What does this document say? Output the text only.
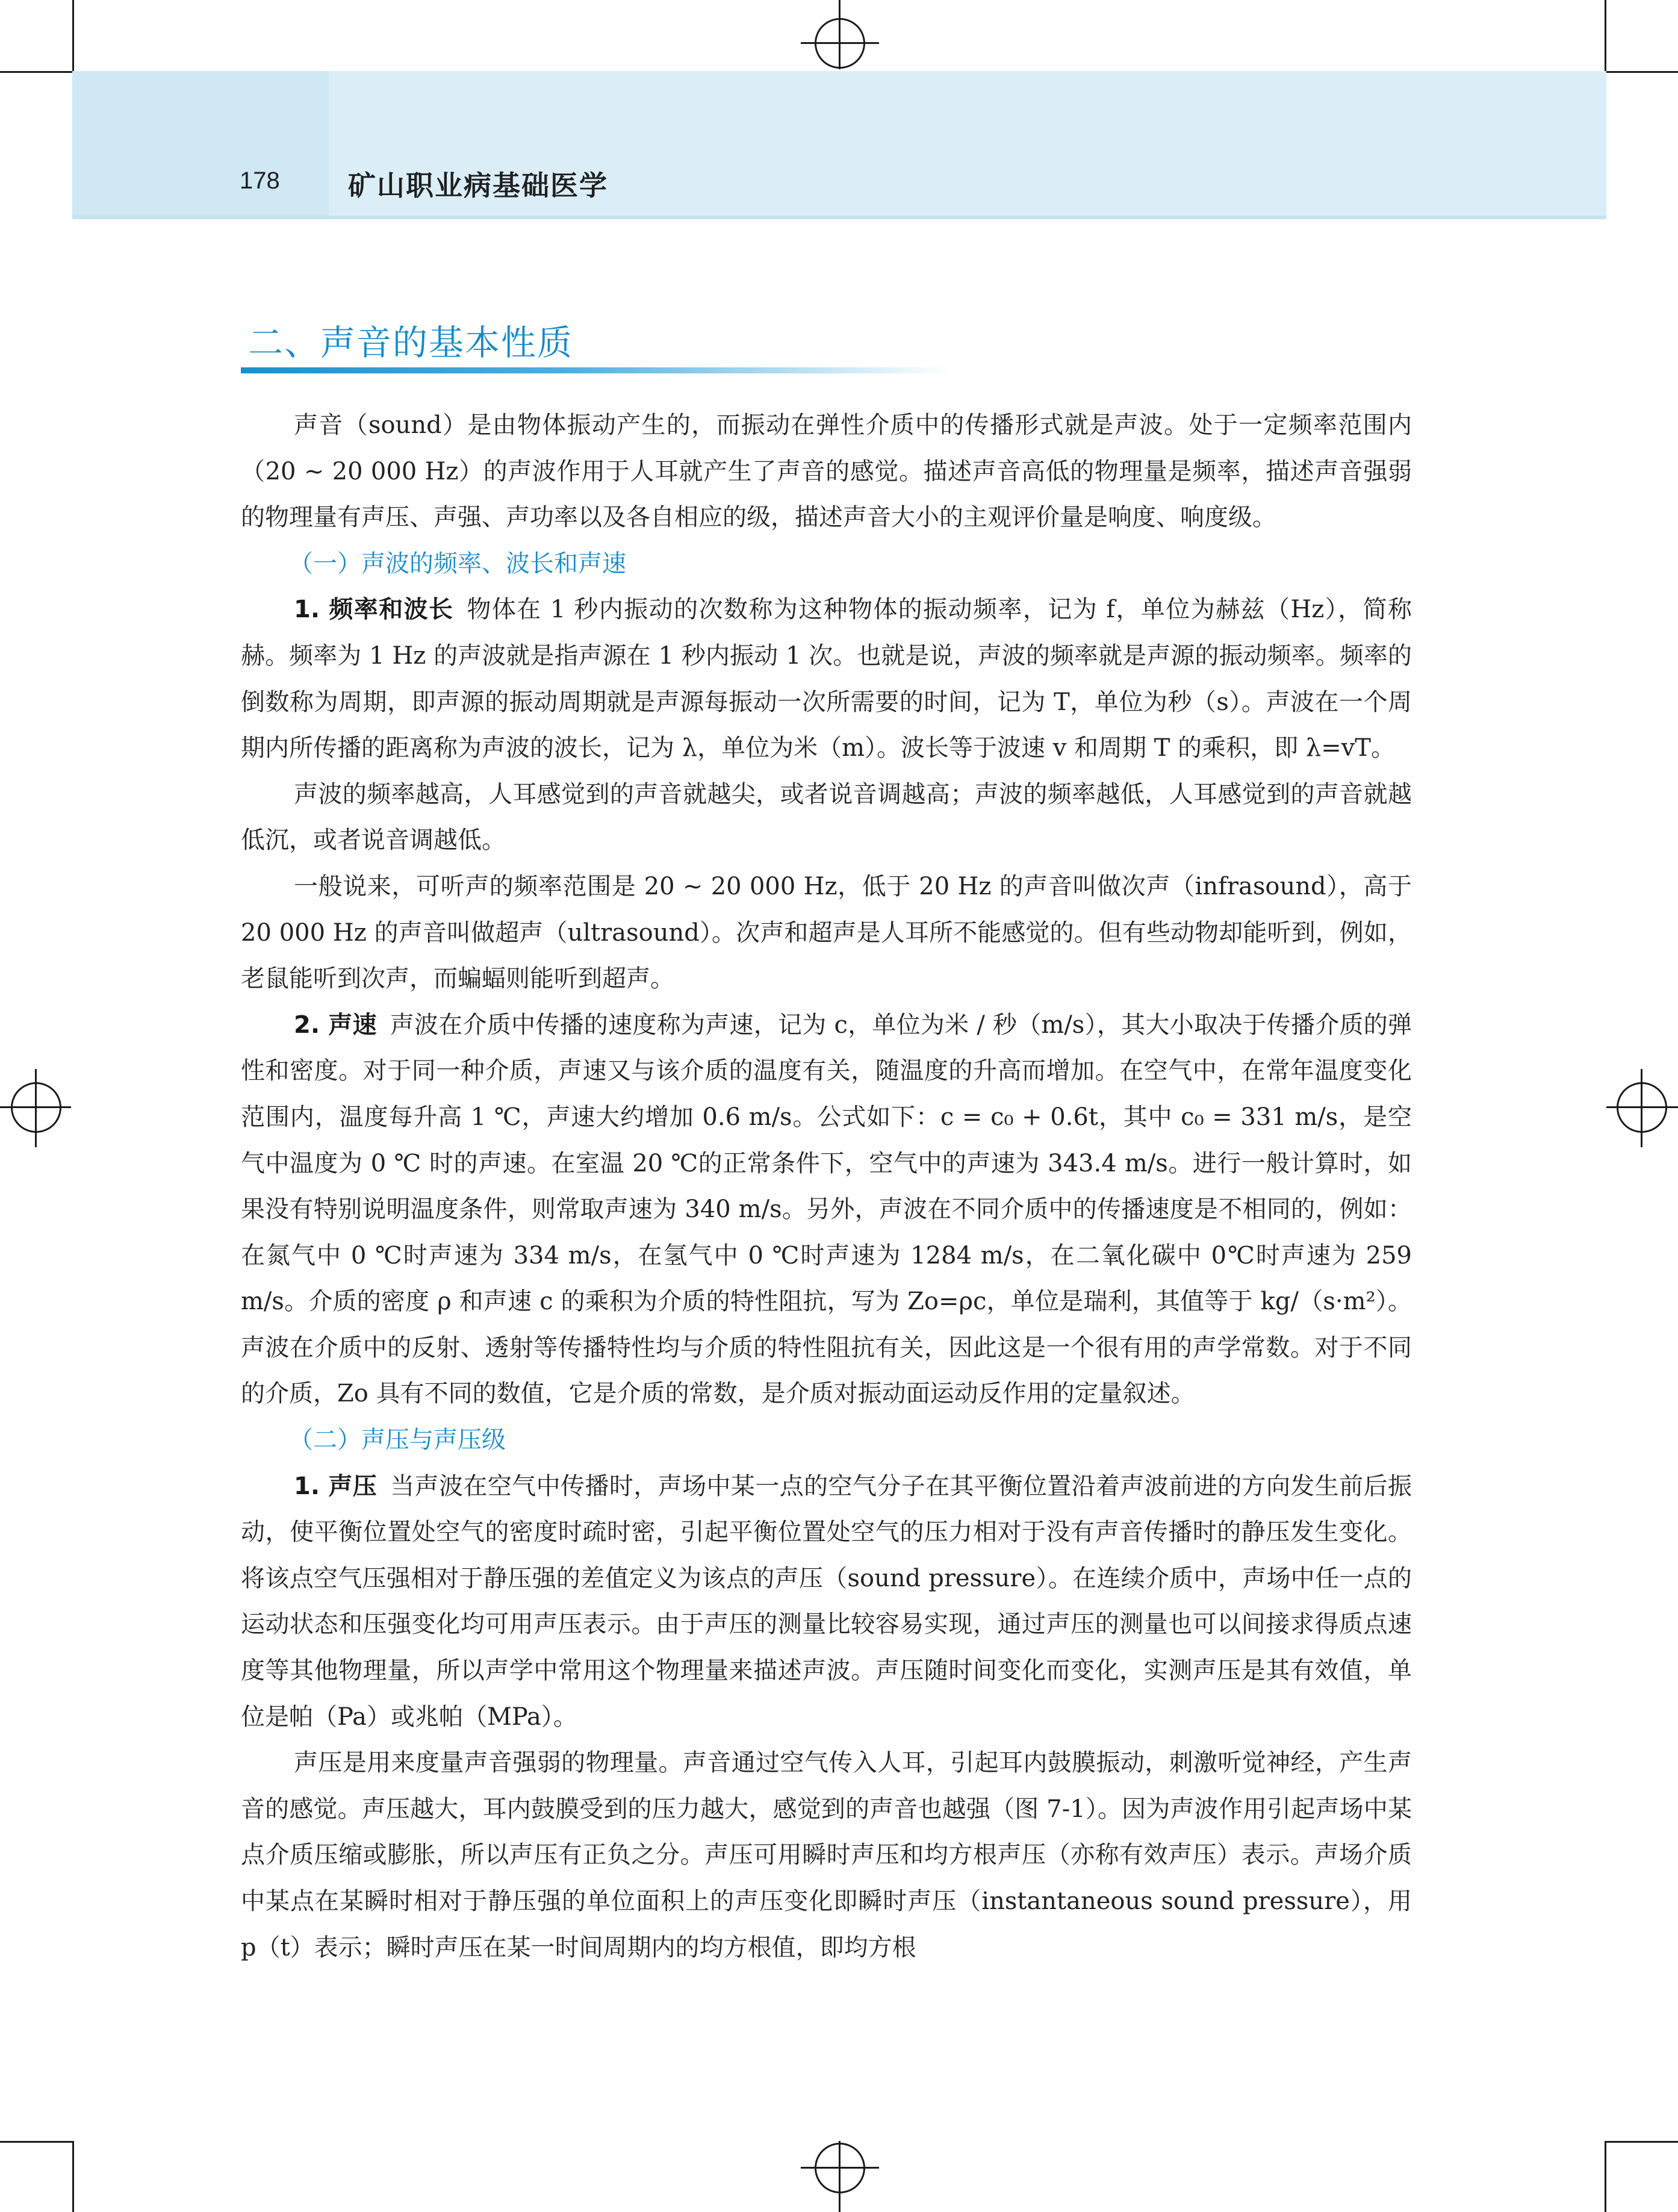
178 矿山职业病基础医学
二、声音的基本性质

声音（sound）是由物体振动产生的，而振动在弹性介质中的传播形式就是声波。处于一定频率范围内（20 ~ 20 000 Hz）的声波作用于人耳就产生了声音的感觉。描述声音高低的物理量是频率，描述声音强弱的物理量有声压、声强、声功率以及各自相应的级，描述声音大小的主观评价量是响度、响度级。

（一）声波的频率、波长和声速

1. 频率和波长 物体在 1 秒内振动的次数称为这种物体的振动频率，记为 f，单位为赫兹（Hz），简称赫。频率为 1 Hz 的声波就是指声源在 1 秒内振动 1 次。也就是说，声波的频率就是声源的振动频率。频率的倒数称为周期，即声源的振动周期就是声源每振动一次所需要的时间，记为 T，单位为秒（s）。声波在一个周期内所传播的距离称为声波的波长，记为 λ，单位为米（m）。波长等于波速 v 和周期 T 的乘积，即 λ=vT。

声波的频率越高，人耳感觉到的声音就越尖，或者说音调越高；声波的频率越低，人耳感觉到的声音就越低沉，或者说音调越低。

一般说来，可听声的频率范围是 20 ~ 20 000 Hz，低于 20 Hz 的声音叫做次声（infrasound），高于 20 000 Hz 的声音叫做超声（ultrasound）。次声和超声是人耳所不能感觉的。但有些动物却能听到，例如，老鼠能听到次声，而蝙蝠则能听到超声。

2. 声速 声波在介质中传播的速度称为声速，记为 c，单位为米 / 秒（m/s），其大小取决于传播介质的弹性和密度。对于同一种介质，声速又与该介质的温度有关，随温度的升高而增加。在空气中，在常年温度变化范围内，温度每升高 1 ℃，声速大约增加 0.6 m/s。公式如下：c = c₀ + 0.6t，其中 c₀ = 331 m/s，是空气中温度为 0 ℃ 时的声速。在室温 20 ℃的正常条件下，空气中的声速为 343.4 m/s。进行一般计算时，如果没有特别说明温度条件，则常取声速为 340 m/s。另外，声波在不同介质中的传播速度是不相同的，例如：在氮气中 0 ℃时声速为 334 m/s，在氢气中 0 ℃时声速为 1284 m/s，在二氧化碳中 0℃时声速为 259 m/s。介质的密度 ρ 和声速 c 的乘积为介质的特性阻抗，写为 Zo=ρc，单位是瑞利，其值等于 kg/（s·m²）。声波在介质中的反射、透射等传播特性均与介质的特性阻抗有关，因此这是一个很有用的声学常数。对于不同的介质，Zo 具有不同的数值，它是介质的常数，是介质对振动面运动反作用的定量叙述。

（二）声压与声压级

1. 声压 当声波在空气中传播时，声场中某一点的空气分子在其平衡位置沿着声波前进的方向发生前后振动，使平衡位置处空气的密度时疏时密，引起平衡位置处空气的压力相对于没有声音传播时的静压发生变化。将该点空气压强相对于静压强的差值定义为该点的声压（sound pressure）。在连续介质中，声场中任一点的运动状态和压强变化均可用声压表示。由于声压的测量比较容易实现，通过声压的测量也可以间接求得质点速度等其他物理量，所以声学中常用这个物理量来描述声波。声压随时间变化而变化，实测声压是其有效值，单位是帕（Pa）或兆帕（MPa）。

声压是用来度量声音强弱的物理量。声音通过空气传入人耳，引起耳内鼓膜振动，刺激听觉神经，产生声音的感觉。声压越大，耳内鼓膜受到的压力越大，感觉到的声音也越强（图 7-1）。因为声波作用引起声场中某点介质压缩或膨胀，所以声压有正负之分。声压可用瞬时声压和均方根声压（亦称有效声压）表示。声场介质中某点在某瞬时相对于静压强的单位面积上的声压变化即瞬时声压（instantaneous sound pressure），用 p（t）表示；瞬时声压在某一时间周期内的均方根值，即均方根
